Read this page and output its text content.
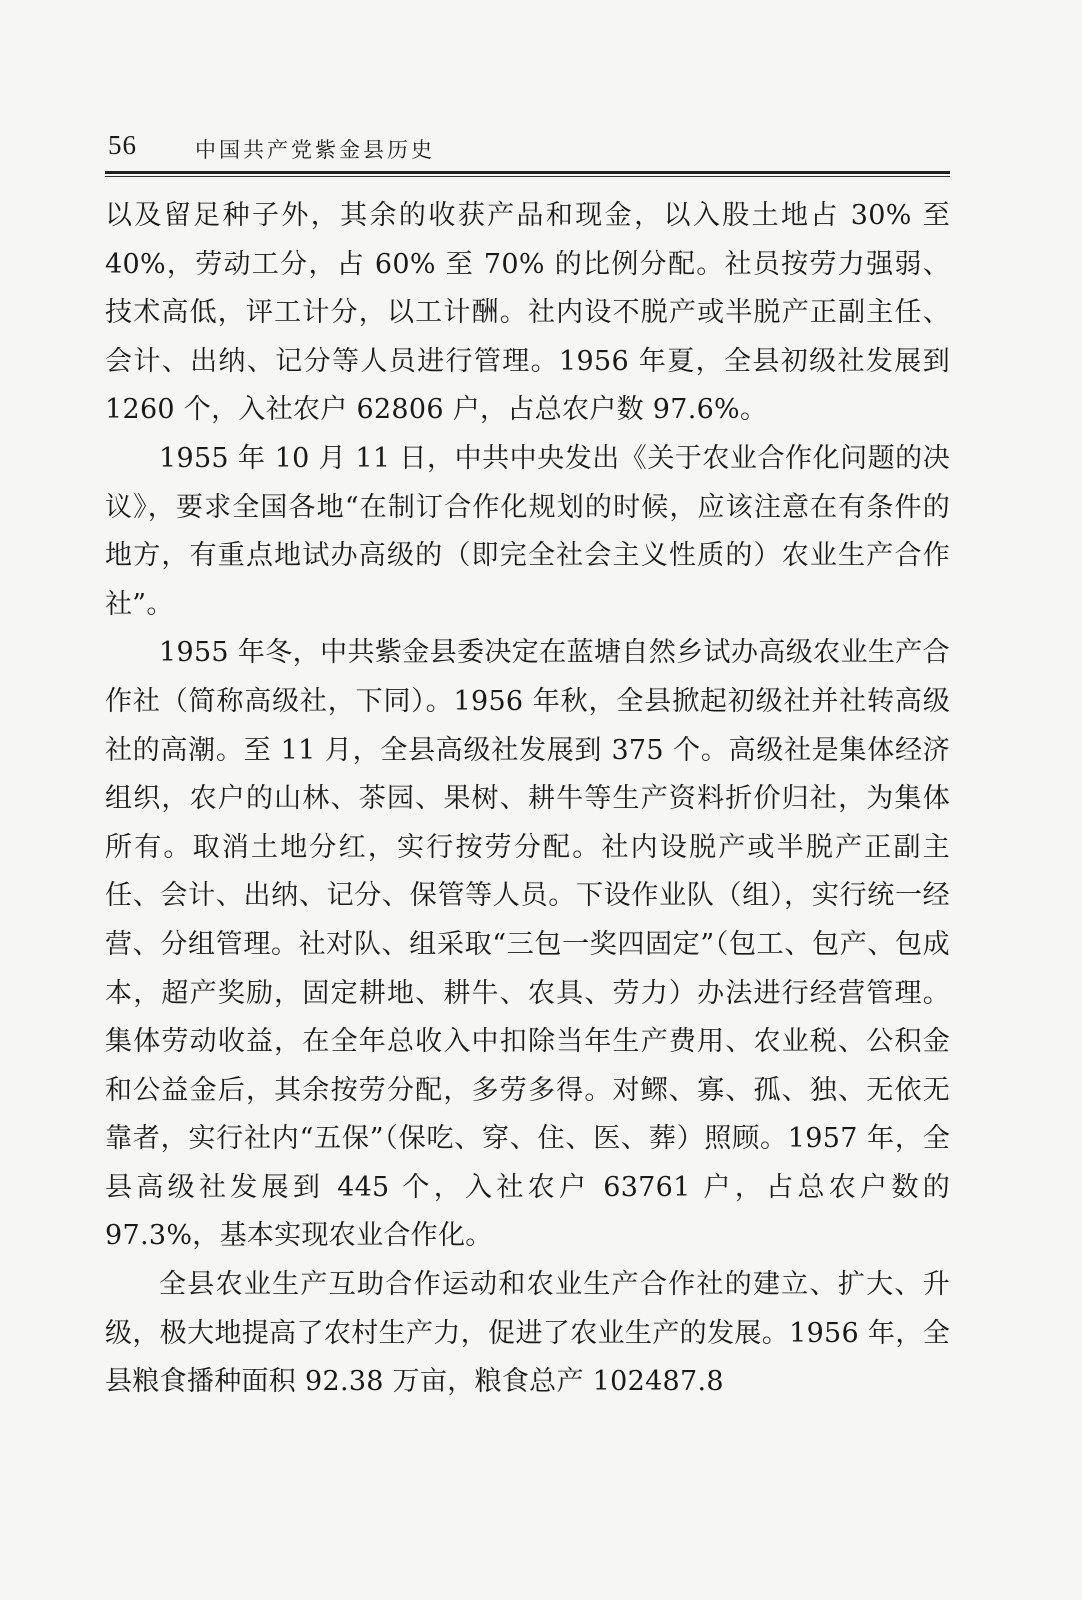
56	中国共产党紫金县历史

以及留足种子外，其余的收获产品和现金，以入股土地占 30% 至 40%，劳动工分，占 60% 至 70% 的比例分配。社员按劳力强弱、技术高低，评工计分，以工计酬。社内设不脱产或半脱产正副主任、会计、出纳、记分等人员进行管理。1956 年夏，全县初级社发展到 1260 个，入社农户 62806 户，占总农户数 97.6%。

1955 年 10 月 11 日，中共中央发出《关于农业合作化问题的决议》，要求全国各地“在制订合作化规划的时候，应该注意在有条件的地方，有重点地试办高级的（即完全社会主义性质的）农业生产合作社”。

1955 年冬，中共紫金县委决定在蓝塘自然乡试办高级农业生产合作社（简称高级社，下同）。1956 年秋，全县掀起初级社并社转高级社的高潮。至 11 月，全县高级社发展到 375 个。高级社是集体经济组织，农户的山林、茶园、果树、耕牛等生产资料折价归社，为集体所有。取消土地分红，实行按劳分配。社内设脱产或半脱产正副主任、会计、出纳、记分、保管等人员。下设作业队（组），实行统一经营、分组管理。社对队、组采取“三包一奖四固定”（包工、包产、包成本，超产奖励，固定耕地、耕牛、农具、劳力）办法进行经营管理。集体劳动收益，在全年总收入中扣除当年生产费用、农业税、公积金和公益金后，其余按劳分配，多劳多得。对鳏、寡、孤、独、无依无靠者，实行社内“五保”（保吃、穿、住、医、葬）照顾。1957 年，全县高级社发展到 445 个，入社农户 63761 户，占总农户数的 97.3%，基本实现农业合作化。

全县农业生产互助合作运动和农业生产合作社的建立、扩大、升级，极大地提高了农村生产力，促进了农业生产的发展。1956 年，全县粮食播种面积 92.38 万亩，粮食总产 102487.8
